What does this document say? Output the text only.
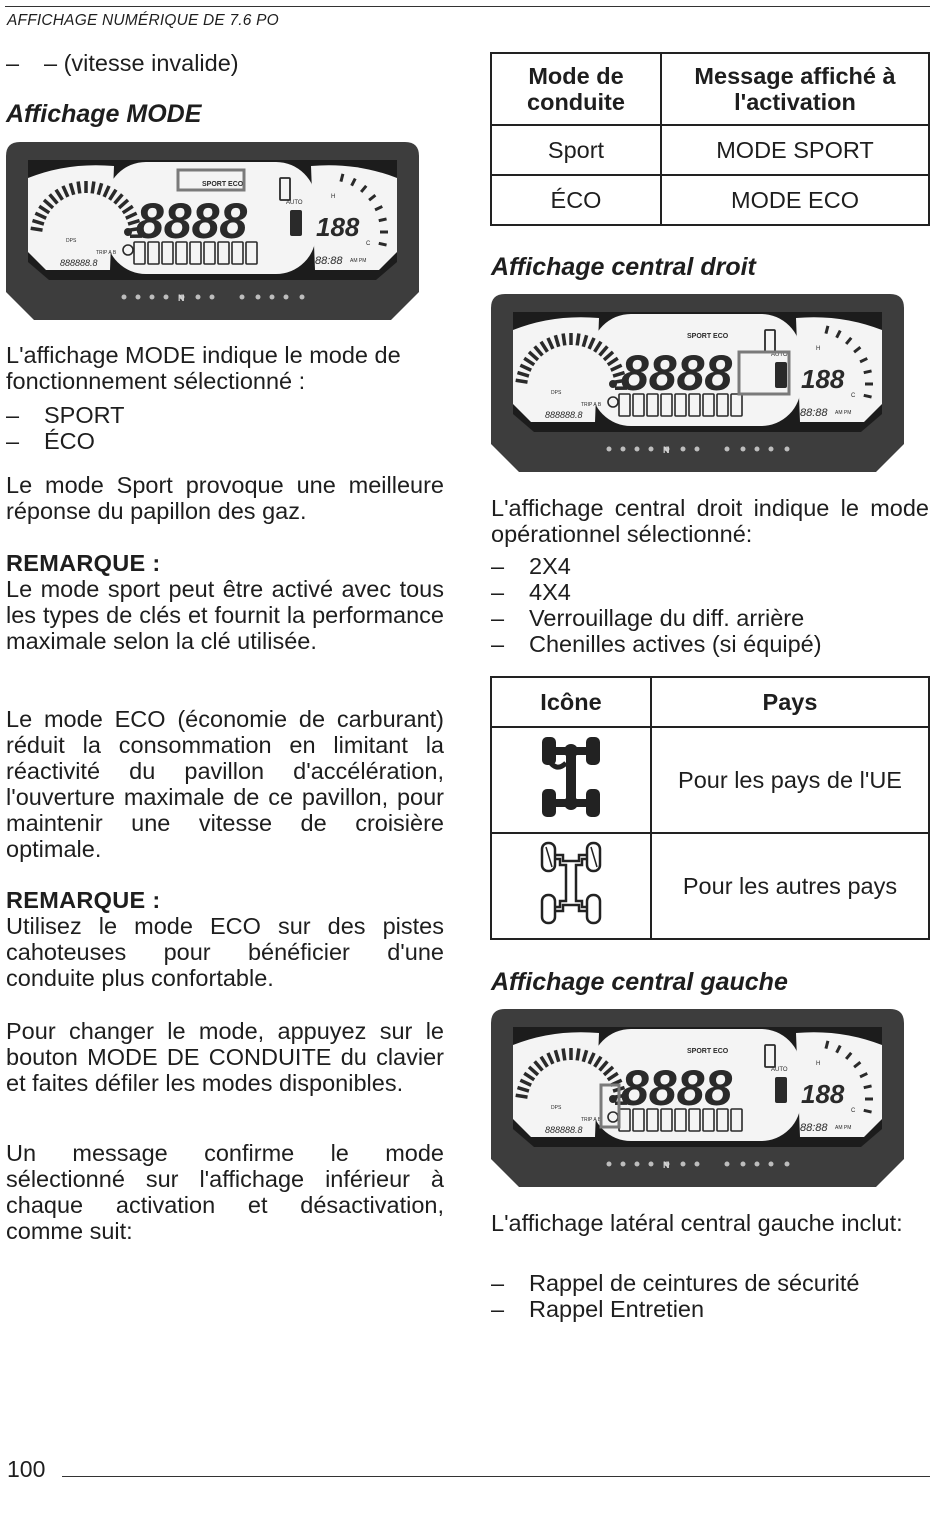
AFFICHAGE NUMÉRIQUE DE 7.6 PO
–	– (vitesse invalide)
Affichage MODE
8888
SPORT ECO
AUTO
188
888888.8
TRIP A B
88:88 AM PM
H
C
DPS
N
L'affichage MODE indique le mode de fonctionnement sélectionné :
–	SPORT
–	ÉCO
Le mode Sport provoque une meilleure réponse du papillon des gaz.
REMARQUE :
Le mode sport peut être activé avec tous les types de clés et fournit la performance maximale selon la clé utilisée.
Le mode ECO (économie de carburant) réduit la consommation en limitant la réactivité du pavillon d'accélération, l'ouverture maximale de ce pavillon, pour maintenir une vitesse de croisière optimale.
REMARQUE :
Utilisez le mode ECO sur des pistes cahoteuses pour bénéficier d'une conduite plus confortable.
Pour changer le mode, appuyez sur le bouton MODE DE CONDUITE du clavier et faites défiler les modes disponibles.
Un message confirme le mode sélectionné sur l'affichage inférieur à chaque activation et désactivation, comme suit:
Mode de conduite	Message affiché à l'activation
Sport	MODE SPORT
ÉCO	MODE ECO
Affichage central droit
8888
SPORT ECO
AUTO
188
888888.8
TRIP A B
88:88 AM PM
H
C
DPS
N
L'affichage central droit indique le mode opérationnel sélectionné:
–	2X4
–	4X4
–	Verrouillage du diff. arrière
–	Chenilles actives (si équipé)
Icône	Pays
	Pour les pays de l'UE
	Pour les autres pays
Affichage central gauche
8888
SPORT ECO
AUTO
188
888888.8
TRIP A B
88:88 AM PM
H
C
DPS
N
L'affichage latéral central gauche inclut:
–	Rappel de ceintures de sécurité
–	Rappel Entretien
100
